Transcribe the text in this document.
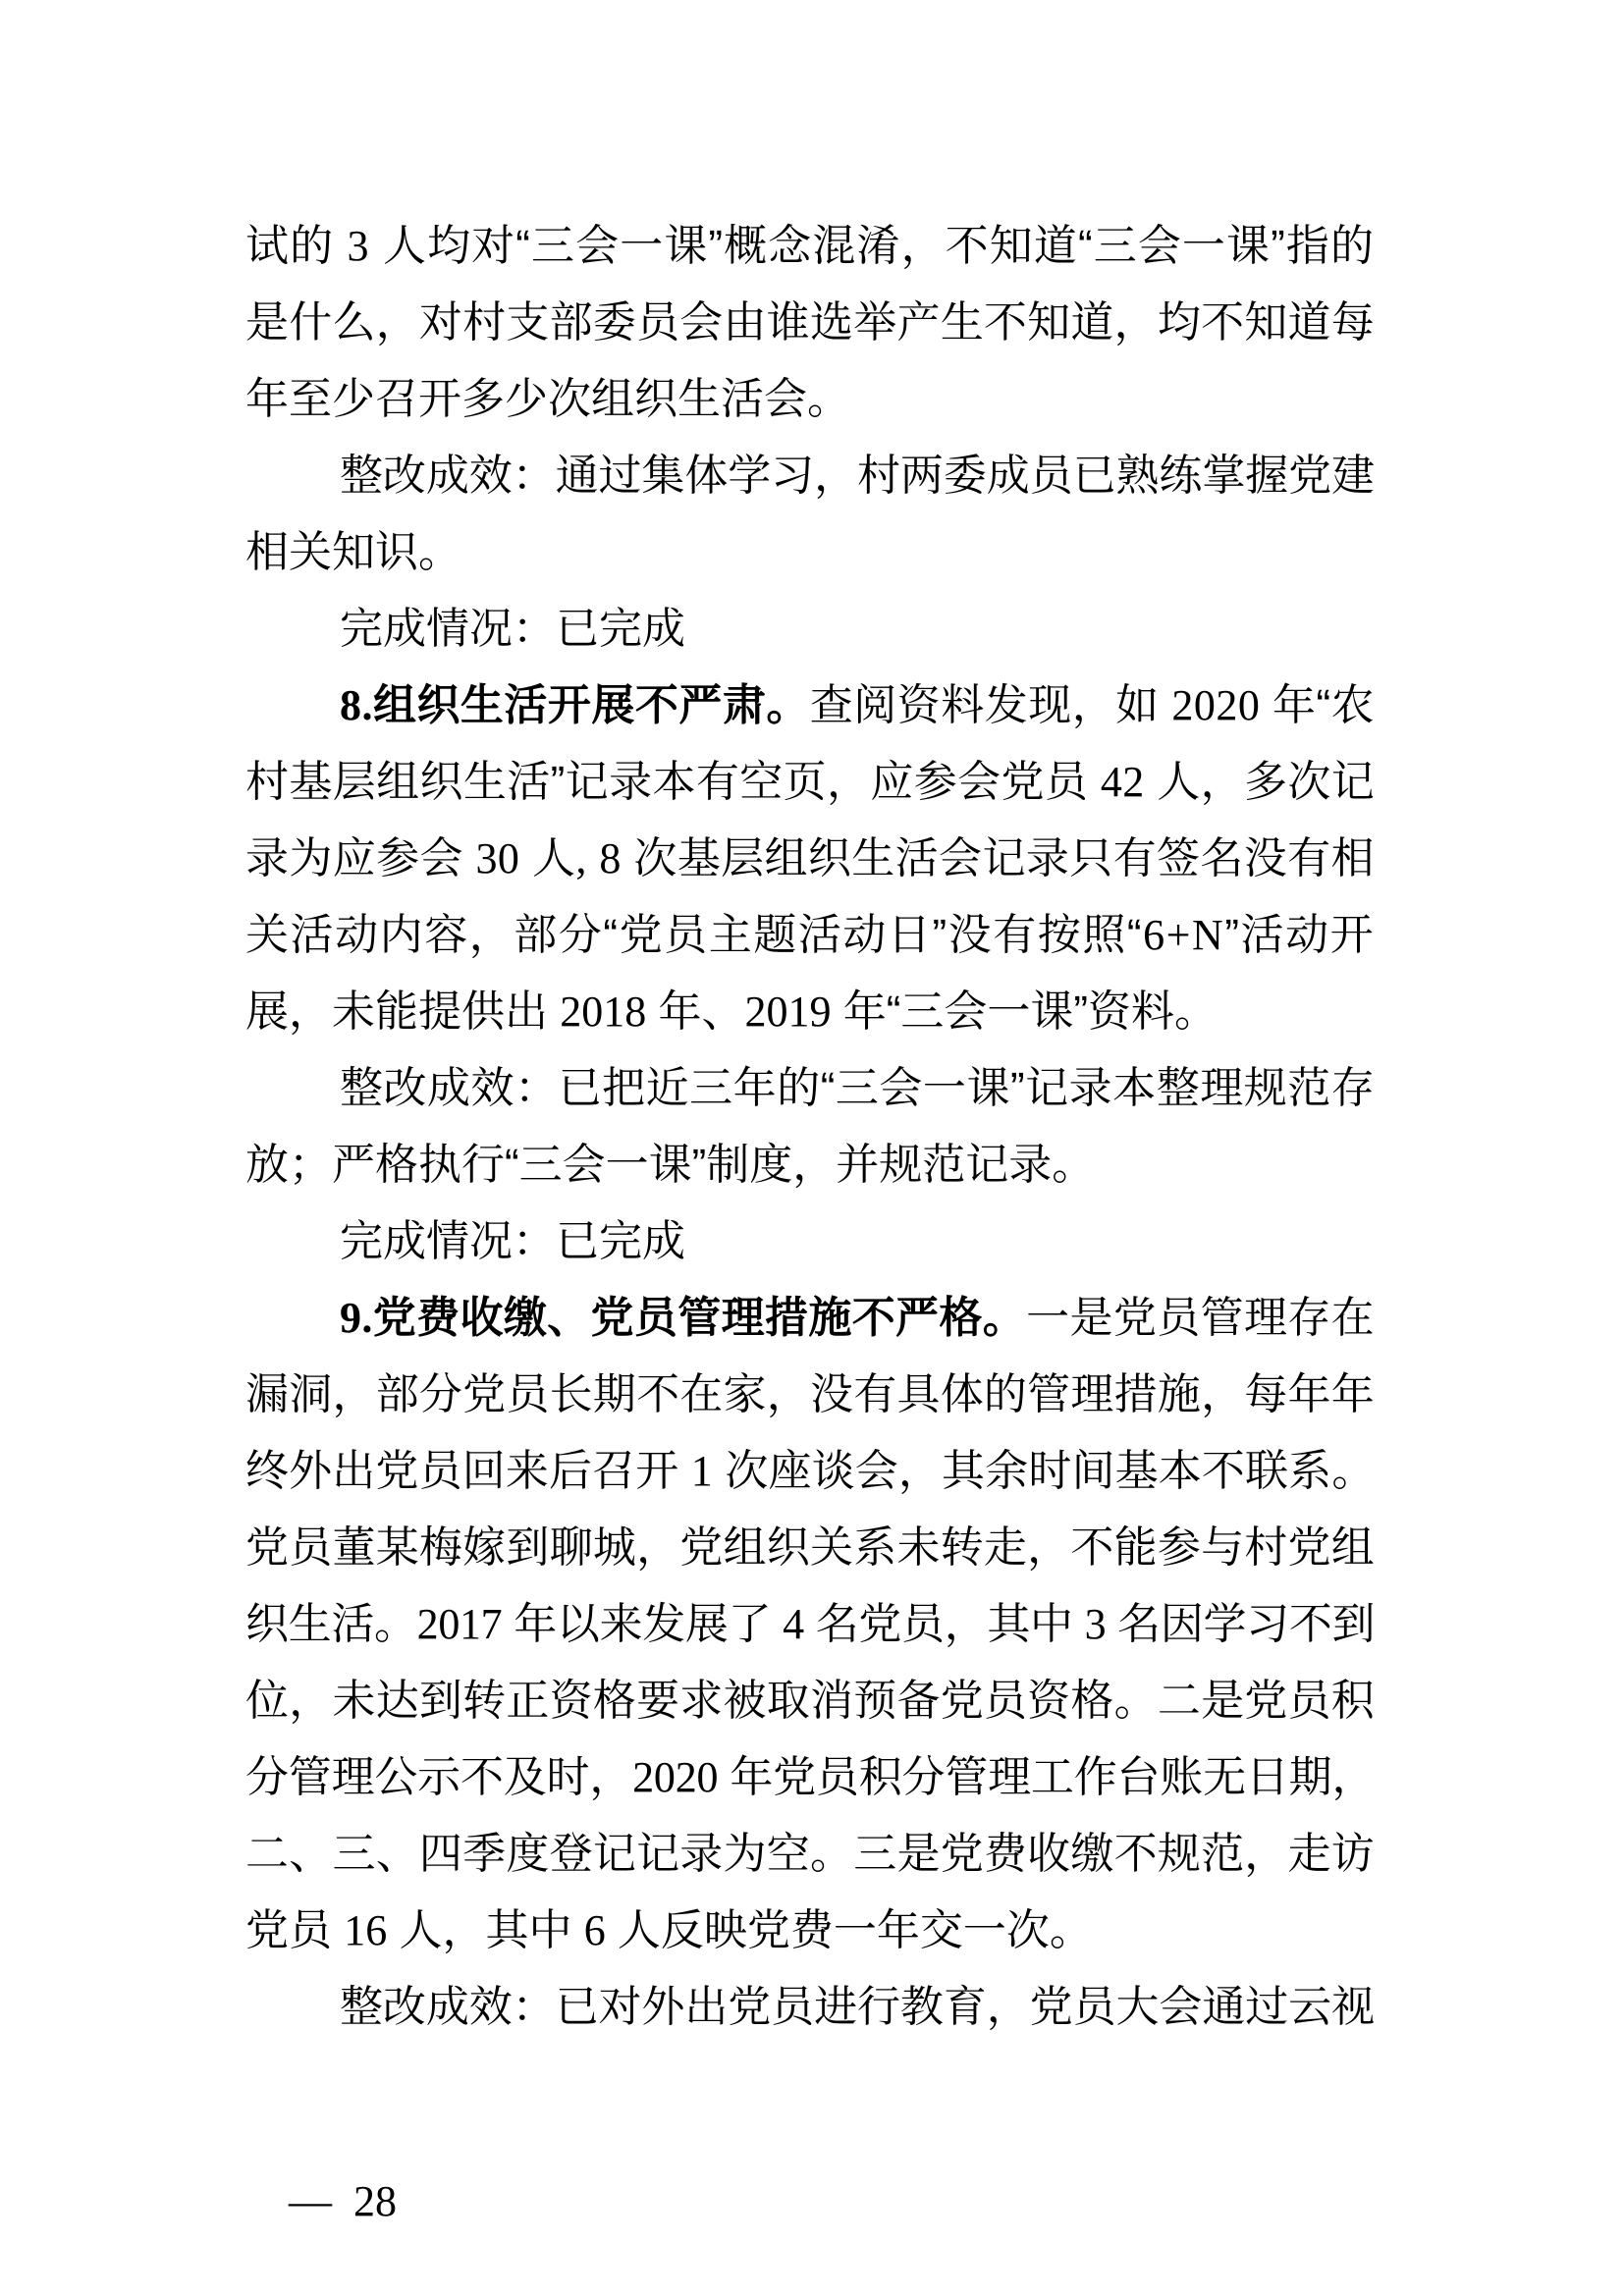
试的 3 人均对“三会一课”概念混淆，不知道“三会一课”指的
是什么，对村支部委员会由谁选举产生不知道，均不知道每
年至少召开多少次组织生活会。
整改成效：通过集体学习，村两委成员已熟练掌握党建
相关知识。
完成情况：已完成
8.组织生活开展不严肃。查阅资料发现，如 2020 年“农
村基层组织生活”记录本有空页，应参会党员 42 人，多次记
录为应参会 30 人, 8 次基层组织生活会记录只有签名没有相
关活动内容，部分“党员主题活动日”没有按照“6+N”活动开
展，未能提供出 2018 年、2019 年“三会一课”资料。
整改成效：已把近三年的“三会一课”记录本整理规范存
放；严格执行“三会一课”制度，并规范记录。
完成情况：已完成
9.党费收缴、党员管理措施不严格。一是党员管理存在
漏洞，部分党员长期不在家，没有具体的管理措施，每年年
终外出党员回来后召开 1 次座谈会，其余时间基本不联系。
党员董某梅嫁到聊城，党组织关系未转走，不能参与村党组
织生活。2017 年以来发展了 4 名党员，其中 3 名因学习不到
位，未达到转正资格要求被取消预备党员资格。二是党员积
分管理公示不及时，2020 年党员积分管理工作台账无日期，
二、三、四季度登记记录为空。三是党费收缴不规范，走访
党员 16 人，其中 6 人反映党费一年交一次。
整改成效：已对外出党员进行教育，党员大会通过云视

— 28
